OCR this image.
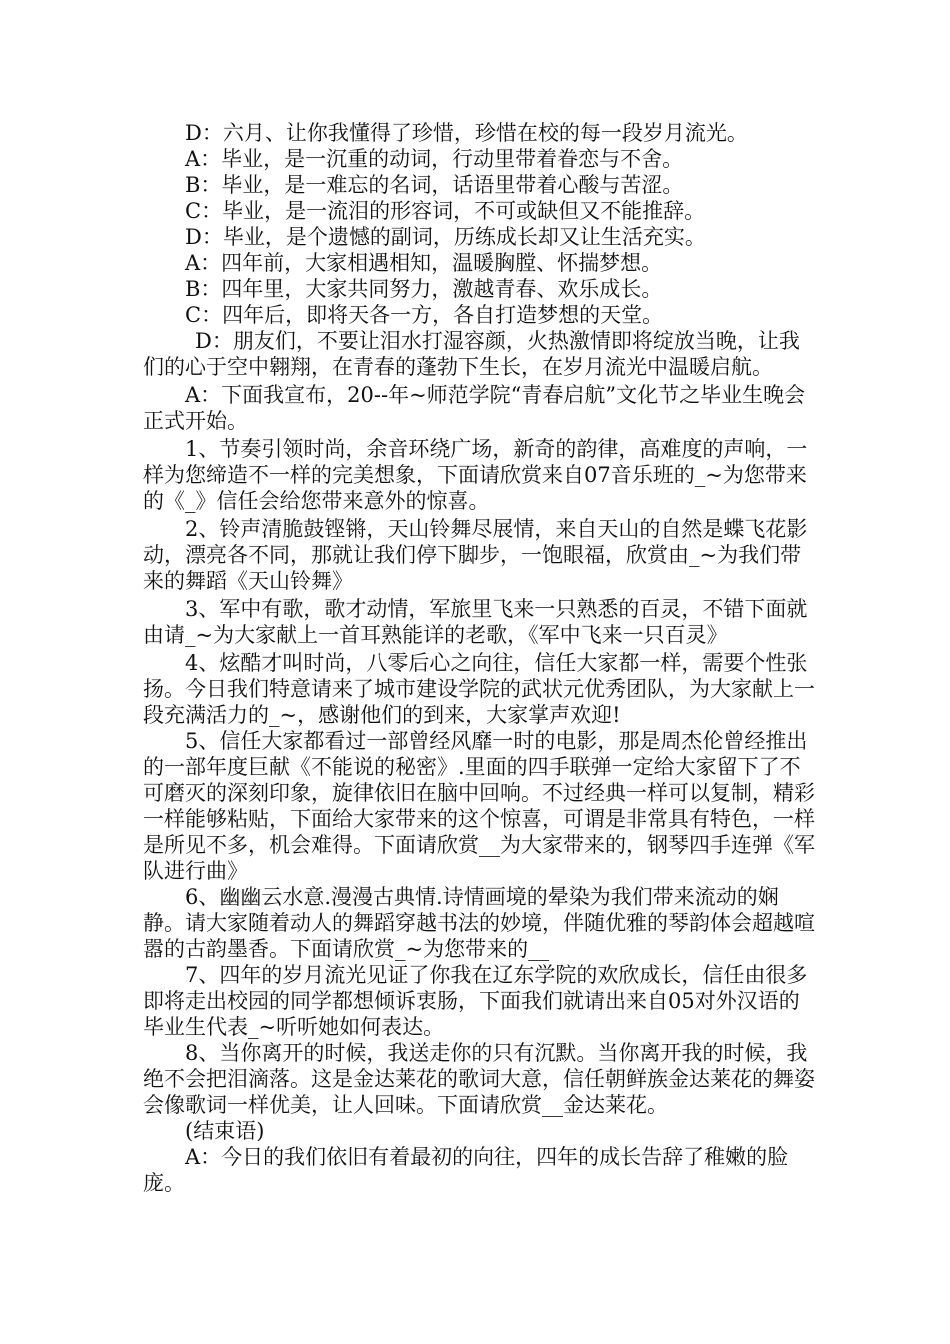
D：六月、让你我懂得了珍惜，珍惜在校的每一段岁月流光。

A：毕业，是一沉重的动词，行动里带着眷恋与不舍。

B：毕业，是一难忘的名词，话语里带着心酸与苦涩。

C：毕业，是一流泪的形容词，不可或缺但又不能推辞。

D：毕业，是个遗憾的副词，历练成长却又让生活充实。

A：四年前，大家相遇相知，温暖胸膛、怀揣梦想。

B：四年里，大家共同努力，激越青春、欢乐成长。

C：四年后，即将天各一方，各自打造梦想的天堂。

D：朋友们，不要让泪水打湿容颜，火热激情即将绽放当晚，让我们的心于空中翱翔，在青春的蓬勃下生长，在岁月流光中温暖启航。

A：下面我宣布，20--年~师范学院“青春启航”文化节之毕业生晚会正式开始。

1、节奏引领时尚，余音环绕广场，新奇的韵律，高难度的声响，一样为您缔造不一样的完美想象，下面请欣赏来自07音乐班的_~为您带来的《_》信任会给您带来意外的惊喜。

2、铃声清脆鼓铿锵，天山铃舞尽展情，来自天山的自然是蝶飞花影动，漂亮各不同，那就让我们停下脚步，一饱眼福，欣赏由_~为我们带来的舞蹈《天山铃舞》

3、军中有歌，歌才动情，军旅里飞来一只熟悉的百灵，不错下面就由请_~为大家献上一首耳熟能详的老歌，《军中飞来一只百灵》

4、炫酷才叫时尚，八零后心之向往，信任大家都一样，需要个性张扬。今日我们特意请来了城市建设学院的武状元优秀团队，为大家献上一段充满活力的_~，感谢他们的到来，大家掌声欢迎!

5、信任大家都看过一部曾经风靡一时的电影，那是周杰伦曾经推出的一部年度巨献《不能说的秘密》.里面的四手联弹一定给大家留下了不可磨灭的深刻印象，旋律依旧在脑中回响。不过经典一样可以复制，精彩一样能够粘贴，下面给大家带来的这个惊喜，可谓是非常具有特色，一样是所见不多，机会难得。下面请欣赏__为大家带来的，钢琴四手连弹《军队进行曲》

6、幽幽云水意.漫漫古典情.诗情画境的晕染为我们带来流动的娴静。请大家随着动人的舞蹈穿越书法的妙境，伴随优雅的琴韵体会超越喧嚣的古韵墨香。下面请欣赏_~为您带来的__

7、四年的岁月流光见证了你我在辽东学院的欢欣成长，信任由很多即将走出校园的同学都想倾诉衷肠，下面我们就请出来自05对外汉语的毕业生代表_~听听她如何表达。

8、当你离开的时候，我送走你的只有沉默。当你离开我的时候，我绝不会把泪滴落。这是金达莱花的歌词大意，信任朝鲜族金达莱花的舞姿会像歌词一样优美，让人回味。下面请欣赏__金达莱花。

(结束语)

A：今日的我们依旧有着最初的向往，四年的成长告辞了稚嫩的脸庞。
